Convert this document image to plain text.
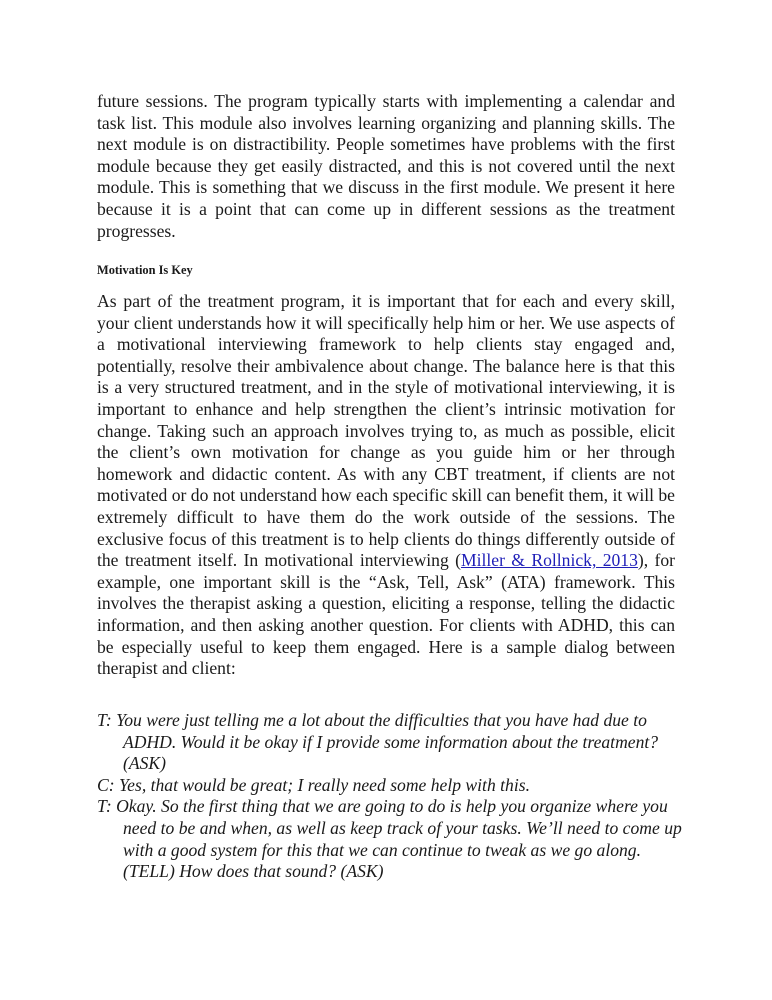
future sessions. The program typically starts with implementing a calendar and task list. This module also involves learning organizing and planning skills. The next module is on distractibility. People sometimes have problems with the first module because they get easily distracted, and this is not covered until the next module. This is something that we discuss in the first module. We present it here because it is a point that can come up in different sessions as the treatment progresses.

Motivation Is Key

As part of the treatment program, it is important that for each and every skill, your client understands how it will specifically help him or her. We use aspects of a motivational interviewing framework to help clients stay engaged and, potentially, resolve their ambivalence about change. The balance here is that this is a very structured treatment, and in the style of motivational interviewing, it is important to enhance and help strengthen the client’s intrinsic motivation for change. Taking such an approach involves trying to, as much as possible, elicit the client’s own motivation for change as you guide him or her through homework and didactic content. As with any CBT treatment, if clients are not motivated or do not understand how each specific skill can benefit them, it will be extremely difficult to have them do the work outside of the sessions. The exclusive focus of this treatment is to help clients do things differently outside of the treatment itself. In motivational interviewing (Miller & Rollnick, 2013), for example, one important skill is the “Ask, Tell, Ask” (ATA) framework. This involves the therapist asking a question, eliciting a response, telling the didactic information, and then asking another question. For clients with ADHD, this can be especially useful to keep them engaged. Here is a sample dialog between therapist and client:

T: You were just telling me a lot about the difficulties that you have had due to ADHD. Would it be okay if I provide some information about the treatment? (ASK)
C: Yes, that would be great; I really need some help with this.
T: Okay. So the first thing that we are going to do is help you organize where you need to be and when, as well as keep track of your tasks. We’ll need to come up with a good system for this that we can continue to tweak as we go along. (TELL) How does that sound? (ASK)
